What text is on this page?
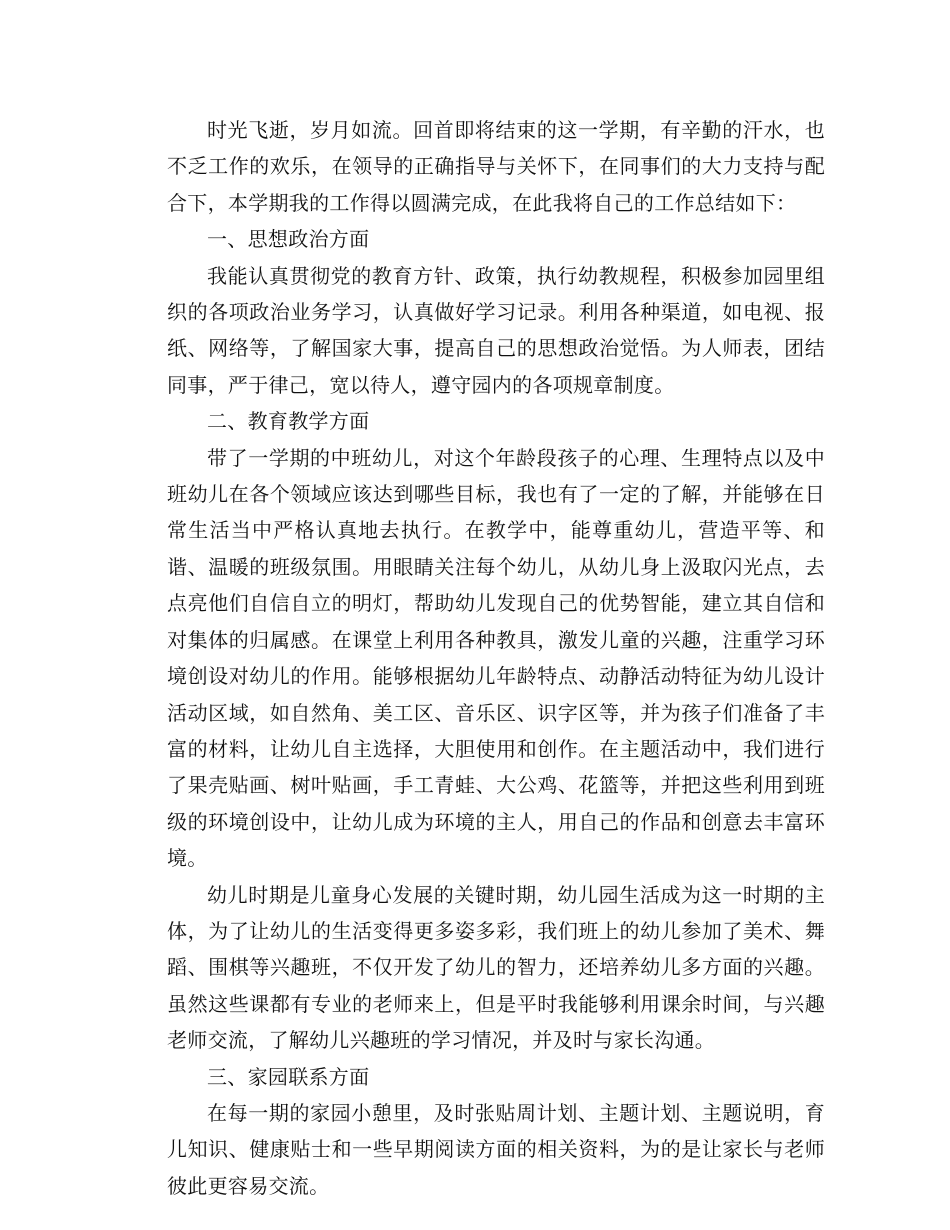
时光飞逝，岁月如流。回首即将结束的这一学期，有辛勤的汗水，也不乏工作的欢乐，在领导的正确指导与关怀下，在同事们的大力支持与配合下，本学期我的工作得以圆满完成，在此我将自己的工作总结如下：

一、思想政治方面

我能认真贯彻党的教育方针、政策，执行幼教规程，积极参加园里组织的各项政治业务学习，认真做好学习记录。利用各种渠道，如电视、报纸、网络等，了解国家大事，提高自己的思想政治觉悟。为人师表，团结同事，严于律己，宽以待人，遵守园内的各项规章制度。

二、教育教学方面

带了一学期的中班幼儿，对这个年龄段孩子的心理、生理特点以及中班幼儿在各个领域应该达到哪些目标，我也有了一定的了解，并能够在日常生活当中严格认真地去执行。在教学中，能尊重幼儿，营造平等、和谐、温暖的班级氛围。用眼睛关注每个幼儿，从幼儿身上汲取闪光点，去点亮他们自信自立的明灯，帮助幼儿发现自己的优势智能，建立其自信和对集体的归属感。在课堂上利用各种教具，激发儿童的兴趣，注重学习环境创设对幼儿的作用。能够根据幼儿年龄特点、动静活动特征为幼儿设计活动区域，如自然角、美工区、音乐区、识字区等，并为孩子们准备了丰富的材料，让幼儿自主选择，大胆使用和创作。在主题活动中，我们进行了果壳贴画、树叶贴画，手工青蛙、大公鸡、花篮等，并把这些利用到班级的环境创设中，让幼儿成为环境的主人，用自己的作品和创意去丰富环境。

幼儿时期是儿童身心发展的关键时期，幼儿园生活成为这一时期的主体，为了让幼儿的生活变得更多姿多彩，我们班上的幼儿参加了美术、舞蹈、围棋等兴趣班，不仅开发了幼儿的智力，还培养幼儿多方面的兴趣。虽然这些课都有专业的老师来上，但是平时我能够利用课余时间，与兴趣老师交流，了解幼儿兴趣班的学习情况，并及时与家长沟通。

三、家园联系方面

在每一期的家园小憩里，及时张贴周计划、主题计划、主题说明，育儿知识、健康贴士和一些早期阅读方面的相关资料，为的是让家长与老师彼此更容易交流。
